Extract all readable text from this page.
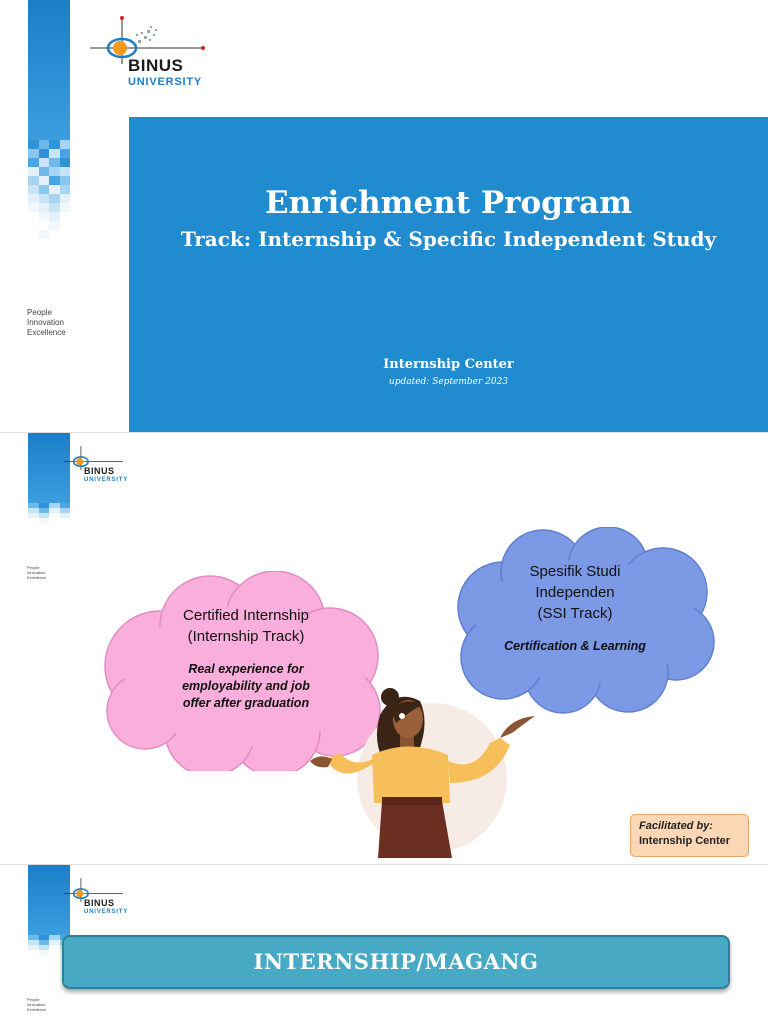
People
Innovation
Excellence
BINUS
UNIVERSITY
Enrichment Program
Track: Internship & Specific Independent Study
Internship Center
updated: September 2023
People
Innovation
Excellence
BINUS
UNIVERSITY
Certified Internship
(Internship Track)
Real experience for
employability and job
offer after graduation
Spesifik Studi
Independen
(SSI Track)
Certification & Learning
Facilitated by:
Internship Center
People
Innovation
Excellence
BINUS
UNIVERSITY
INTERNSHIP/MAGANG
